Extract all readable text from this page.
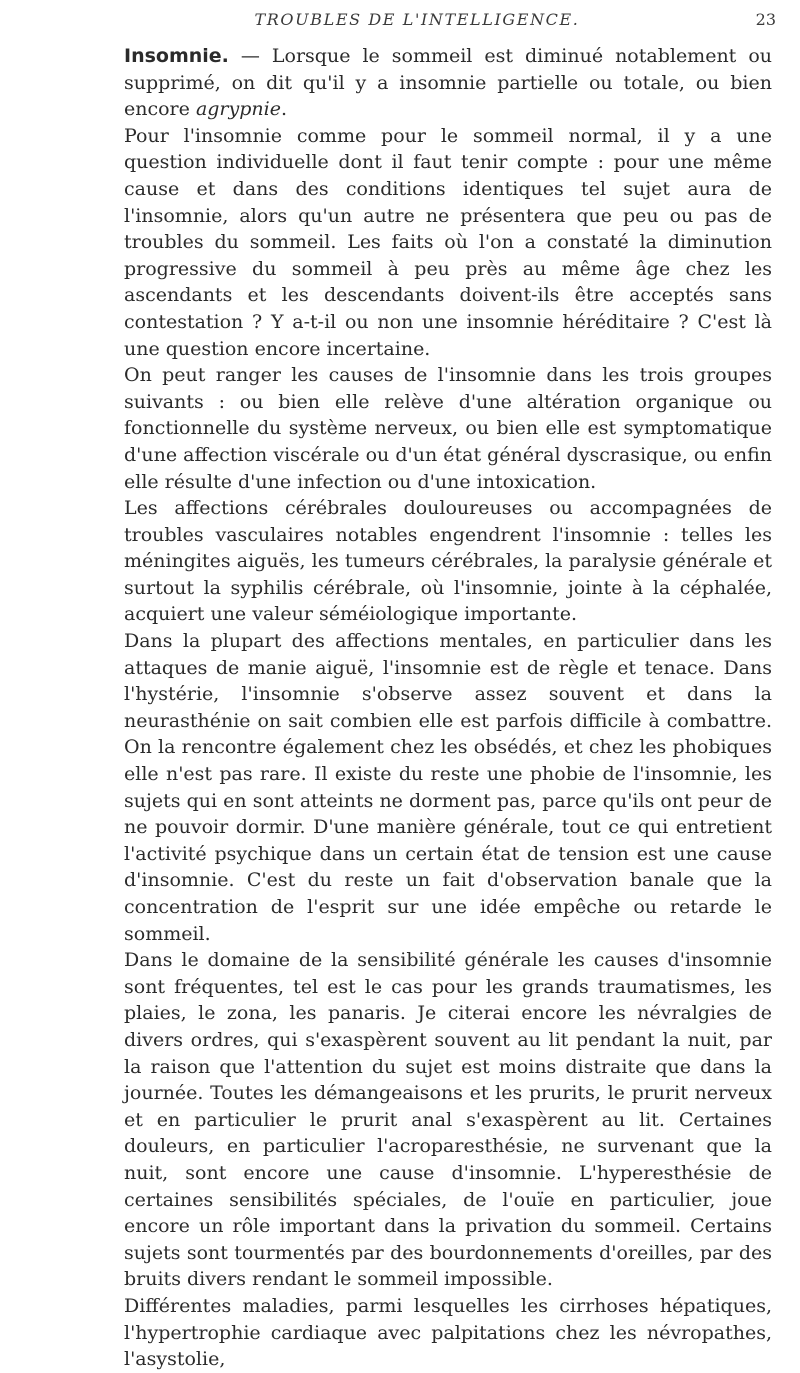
TROUBLES DE L'INTELLIGENCE.	23

Insomnie. — Lorsque le sommeil est diminué notablement ou supprimé, on dit qu'il y a insomnie partielle ou totale, ou bien encore agrypnie.

Pour l'insomnie comme pour le sommeil normal, il y a une question individuelle dont il faut tenir compte : pour une même cause et dans des conditions identiques tel sujet aura de l'insomnie, alors qu'un autre ne présentera que peu ou pas de troubles du sommeil. Les faits où l'on a constaté la diminution progressive du sommeil à peu près au même âge chez les ascendants et les descendants doivent-ils être acceptés sans contestation ? Y a-t-il ou non une insomnie héréditaire ? C'est là une question encore incertaine.

On peut ranger les causes de l'insomnie dans les trois groupes suivants : ou bien elle relève d'une altération organique ou fonctionnelle du système nerveux, ou bien elle est symptomatique d'une affection viscérale ou d'un état général dyscrasique, ou enfin elle résulte d'une infection ou d'une intoxication.

Les affections cérébrales douloureuses ou accompagnées de troubles vasculaires notables engendrent l'insomnie : telles les méningites aiguës, les tumeurs cérébrales, la paralysie générale et surtout la syphilis cérébrale, où l'insomnie, jointe à la céphalée, acquiert une valeur séméiologique importante.

Dans la plupart des affections mentales, en particulier dans les attaques de manie aiguë, l'insomnie est de règle et tenace. Dans l'hystérie, l'insomnie s'observe assez souvent et dans la neurasthénie on sait combien elle est parfois difficile à combattre. On la rencontre également chez les obsédés, et chez les phobiques elle n'est pas rare. Il existe du reste une phobie de l'insomnie, les sujets qui en sont atteints ne dorment pas, parce qu'ils ont peur de ne pouvoir dormir. D'une manière générale, tout ce qui entretient l'activité psychique dans un certain état de tension est une cause d'insomnie. C'est du reste un fait d'observation banale que la concentration de l'esprit sur une idée empêche ou retarde le sommeil.

Dans le domaine de la sensibilité générale les causes d'insomnie sont fréquentes, tel est le cas pour les grands traumatismes, les plaies, le zona, les panaris. Je citerai encore les névralgies de divers ordres, qui s'exaspèrent souvent au lit pendant la nuit, par la raison que l'attention du sujet est moins distraite que dans la journée. Toutes les démangeaisons et les prurits, le prurit nerveux et en particulier le prurit anal s'exaspèrent au lit. Certaines douleurs, en particulier l'acroparesthésie, ne survenant que la nuit, sont encore une cause d'insomnie. L'hyperesthésie de certaines sensibilités spéciales, de l'ouïe en particulier, joue encore un rôle important dans la privation du sommeil. Certains sujets sont tourmentés par des bourdonnements d'oreilles, par des bruits divers rendant le sommeil impossible.

Différentes maladies, parmi lesquelles les cirrhoses hépatiques, l'hypertrophie cardiaque avec palpitations chez les névropathes, l'asystolie,
